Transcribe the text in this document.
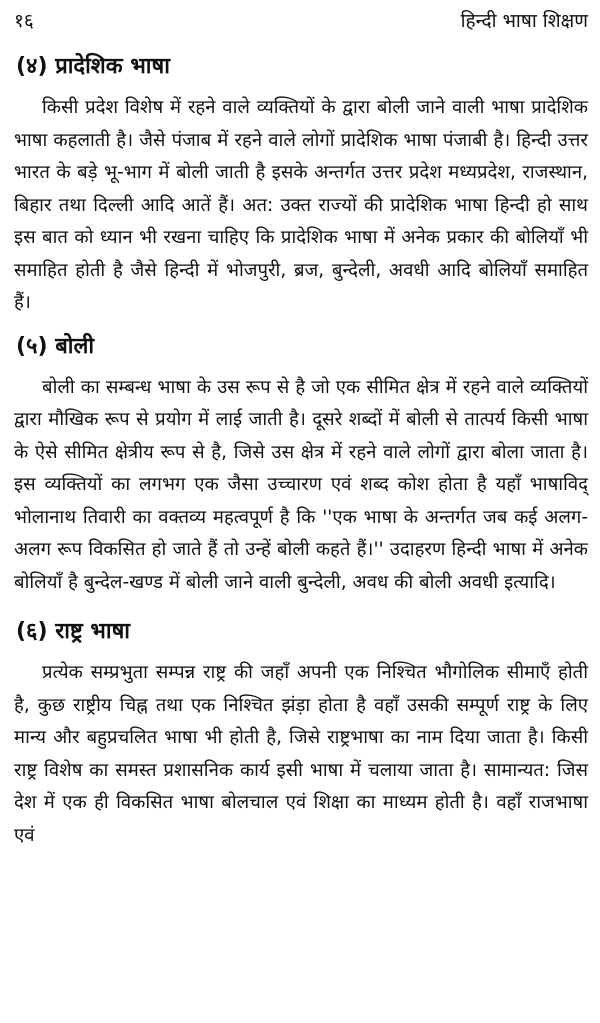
१६	हिन्दी भाषा शिक्षण
(४) प्रादेशिक भाषा

किसी प्रदेश विशेष में रहने वाले व्यक्तियों के द्वारा बोली जाने वाली भाषा प्रादेशिक भाषा कहलाती है। जैसे पंजाब में रहने वाले लोगों प्रादेशिक भाषा पंजाबी है। हिन्दी उत्तर भारत के बड़े भू-भाग में बोली जाती है इसके अन्तर्गत उत्तर प्रदेश मध्यप्रदेश, राजस्थान, बिहार तथा दिल्ली आदि आतें हैं। अत: उक्त राज्यों की प्रादेशिक भाषा हिन्दी हो साथ इस बात को ध्यान भी रखना चाहिए कि प्रादेशिक भाषा में अनेक प्रकार की बोलियाँ भी समाहित होती है जैसे हिन्दी में भोजपुरी, ब्रज, बुन्देली, अवधी आदि बोलियाँ समाहित हैं।

(५) बोली

बोली का सम्बन्ध भाषा के उस रूप से है जो एक सीमित क्षेत्र में रहने वाले व्यक्तियों द्वारा मौखिक रूप से प्रयोग में लाई जाती है। दूसरे शब्दों में बोली से तात्पर्य किसी भाषा के ऐसे सीमित क्षेत्रीय रूप से है, जिसे उस क्षेत्र में रहने वाले लोगों द्वारा बोला जाता है। इस व्यक्तियों का लगभग एक जैसा उच्चारण एवं शब्द कोश होता है यहाँ भाषाविद् भोलानाथ तिवारी का वक्तव्य महत्वपूर्ण है कि ''एक भाषा के अन्तर्गत जब कई अलग-अलग रूप विकसित हो जाते हैं तो उन्हें बोली कहते हैं।'' उदाहरण हिन्दी भाषा में अनेक बोलियाँ है बुन्देल-खण्ड में बोली जाने वाली बुन्देली, अवध की बोली अवधी इत्यादि।

(६) राष्ट्र भाषा

प्रत्येक सम्प्रभुता सम्पन्न राष्ट्र की जहाँ अपनी एक निश्चित भौगोलिक सीमाएँ होती है, कुछ राष्ट्रीय चिह्न तथा एक निश्चित झंड़ा होता है वहाँ उसकी सम्पूर्ण राष्ट्र के लिए मान्य और बहुप्रचलित भाषा भी होती है, जिसे राष्ट्रभाषा का नाम दिया जाता है। किसी राष्ट्र विशेष का समस्त प्रशासनिक कार्य इसी भाषा में चलाया जाता है। सामान्यत: जिस देश में एक ही विकसित भाषा बोलचाल एवं शिक्षा का माध्यम होती है। वहाँ राजभाषा एवं
